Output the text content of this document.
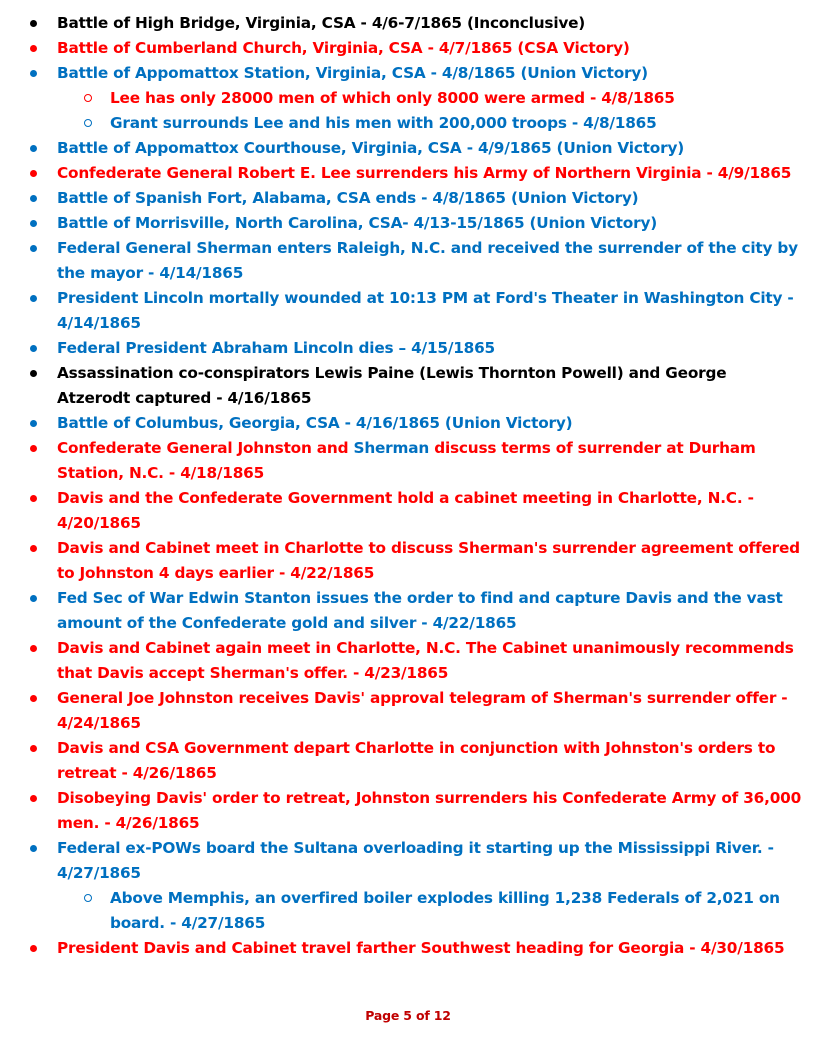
Battle of High Bridge, Virginia, CSA - 4/6-7/1865 (Inconclusive)
Battle of Cumberland Church, Virginia, CSA - 4/7/1865 (CSA Victory)
Battle of Appomattox Station, Virginia, CSA - 4/8/1865 (Union Victory)
Lee has only 28000 men of which only 8000 were armed - 4/8/1865
Grant surrounds Lee and his men with 200,000 troops - 4/8/1865
Battle of Appomattox Courthouse, Virginia, CSA - 4/9/1865 (Union Victory)
Confederate General Robert E. Lee surrenders his Army of Northern Virginia - 4/9/1865
Battle of Spanish Fort, Alabama, CSA ends - 4/8/1865 (Union Victory)
Battle of Morrisville, North Carolina, CSA- 4/13-15/1865 (Union Victory)
Federal General Sherman enters Raleigh, N.C. and received the surrender of the city by the mayor - 4/14/1865
President Lincoln mortally wounded at 10:13 PM at Ford's Theater in Washington City - 4/14/1865
Federal President Abraham Lincoln dies – 4/15/1865
Assassination co-conspirators Lewis Paine (Lewis Thornton Powell) and George Atzerodt captured - 4/16/1865
Battle of Columbus, Georgia, CSA - 4/16/1865 (Union Victory)
Confederate General Johnston and Sherman discuss terms of surrender at Durham Station, N.C. - 4/18/1865
Davis and the Confederate Government hold a cabinet meeting in Charlotte, N.C. - 4/20/1865
Davis and Cabinet meet in Charlotte to discuss Sherman's surrender agreement offered to Johnston 4 days earlier - 4/22/1865
Fed Sec of War Edwin Stanton issues the order to find and capture Davis and the vast amount of the Confederate gold and silver - 4/22/1865
Davis and Cabinet again meet in Charlotte, N.C. The Cabinet unanimously recommends that Davis accept Sherman's offer. - 4/23/1865
General Joe Johnston receives Davis' approval telegram of Sherman's surrender offer - 4/24/1865
Davis and CSA Government depart Charlotte in conjunction with Johnston's orders to retreat - 4/26/1865
Disobeying Davis' order to retreat, Johnston surrenders his Confederate Army of 36,000 men. - 4/26/1865
Federal ex-POWs board the Sultana overloading it starting up the Mississippi River. - 4/27/1865
Above Memphis, an overfired boiler explodes killing 1,238 Federals of 2,021 on board. - 4/27/1865
President Davis and Cabinet travel farther Southwest heading for Georgia - 4/30/1865
Page 5 of 12
